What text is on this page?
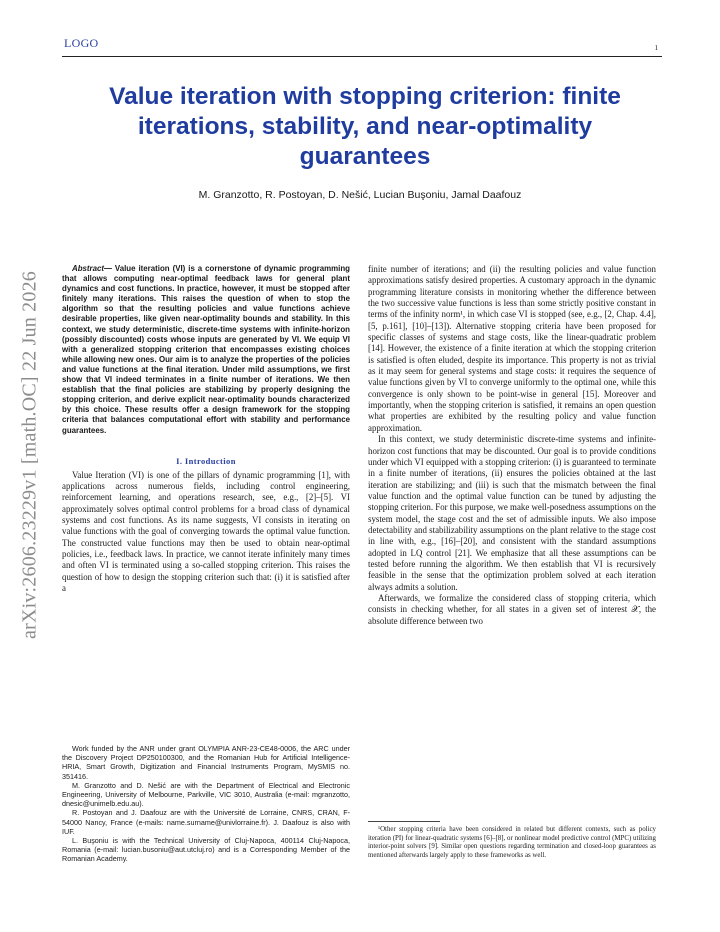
LOGO	1
Value iteration with stopping criterion: finite iterations, stability, and near-optimality guarantees
M. Granzotto, R. Postoyan, D. Nešić, Lucian Buşoniu, Jamal Daafouz
arXiv:2606.23229v1 [math.OC] 22 Jun 2026

Abstract— Value iteration (VI) is a cornerstone of dynamic programming that allows computing near-optimal feedback laws for general plant dynamics and cost functions. In practice, however, it must be stopped after finitely many iterations. This raises the question of when to stop the algorithm so that the resulting policies and value functions achieve desirable properties, like given near-optimality bounds and stability. In this context, we study deterministic, discrete-time systems with infinite-horizon (possibly discounted) costs whose inputs are generated by VI. We equip VI with a generalized stopping criterion that encompasses existing choices while allowing new ones. Our aim is to analyze the properties of the policies and value functions at the final iteration. Under mild assumptions, we first show that VI indeed terminates in a finite number of iterations. We then establish that the final policies are stabilizing by properly designing the stopping criterion, and derive explicit near-optimality bounds characterized by this choice. These results offer a design framework for the stopping criteria that balances computational effort with stability and performance guarantees.

I. Introduction

Value Iteration (VI) is one of the pillars of dynamic programming [1], with applications across numerous fields, including control engineering, reinforcement learning, and operations research, see, e.g., [2]–[5]. VI approximately solves optimal control problems for a broad class of dynamical systems and cost functions. As its name suggests, VI consists in iterating on value functions with the goal of converging towards the optimal value function. The constructed value functions may then be used to obtain near-optimal policies, i.e., feedback laws. In practice, we cannot iterate infinitely many times and often VI is terminated using a so-called stopping criterion. This raises the question of how to design the stopping criterion such that: (i) it is satisfied after a

finite number of iterations; and (ii) the resulting policies and value function approximations satisfy desired properties. A customary approach in the dynamic programming literature consists in monitoring whether the difference between the two successive value functions is less than some strictly positive constant in terms of the infinity norm¹, in which case VI is stopped (see, e.g., [2, Chap. 4.4], [5, p.161], [10]–[13]). Alternative stopping criteria have been proposed for specific classes of systems and stage costs, like the linear-quadratic problem [14]. However, the existence of a finite iteration at which the stopping criterion is satisfied is often eluded, despite its importance. This property is not as trivial as it may seem for general systems and stage costs: it requires the sequence of value functions given by VI to converge uniformly to the optimal one, while this convergence is only shown to be point-wise in general [15]. Moreover and importantly, when the stopping criterion is satisfied, it remains an open question what properties are exhibited by the resulting policy and value function approximation.

In this context, we study deterministic discrete-time systems and infinite-horizon cost functions that may be discounted. Our goal is to provide conditions under which VI equipped with a stopping criterion: (i) is guaranteed to terminate in a finite number of iterations, (ii) ensures the policies obtained at the last iteration are stabilizing; and (iii) is such that the mismatch between the final value function and the optimal value function can be tuned by adjusting the stopping criterion. For this purpose, we make well-posedness assumptions on the system model, the stage cost and the set of admissible inputs. We also impose detectability and stabilizability assumptions on the plant relative to the stage cost in line with, e.g., [16]–[20], and consistent with the standard assumptions adopted in LQ control [21]. We emphasize that all these assumptions can be tested before running the algorithm. We then establish that VI is recursively feasible in the sense that the optimization problem solved at each iteration always admits a solution.

Afterwards, we formalize the considered class of stopping criteria, which consists in checking whether, for all states in a given set of interest 𝒳, the absolute difference between two

Work funded by the ANR under grant OLYMPIA ANR-23-CE48-0006, the ARC under the Discovery Project DP250100300, and the Romanian Hub for Artificial Intelligence-HRIA, Smart Growth, Digitization and Financial Instruments Program, MySMIS no. 351416.

M. Granzotto and D. Nešić are with the Department of Electrical and Electronic Engineering, University of Melbourne, Parkville, VIC 3010, Australia (e-mail: mgranzotto, dnesic@unimelb.edu.au).

R. Postoyan and J. Daafouz are with the Université de Lorraine, CNRS, CRAN, F-54000 Nancy, France (e-mails: name.surname@univlorraine.fr). J. Daafouz is also with IUF.

L. Buşoniu is with the Technical University of Cluj-Napoca, 400114 Cluj-Napoca, Romania (e-mail: lucian.busoniu@aut.utcluj.ro) and is a Corresponding Member of the Romanian Academy.

¹Other stopping criteria have been considered in related but different contexts, such as policy iteration (PI) for linear-quadratic systems [6]–[8], or nonlinear model predictive control (MPC) utilizing interior-point solvers [9]. Similar open questions regarding termination and closed-loop guarantees as mentioned afterwards largely apply to these frameworks as well.
